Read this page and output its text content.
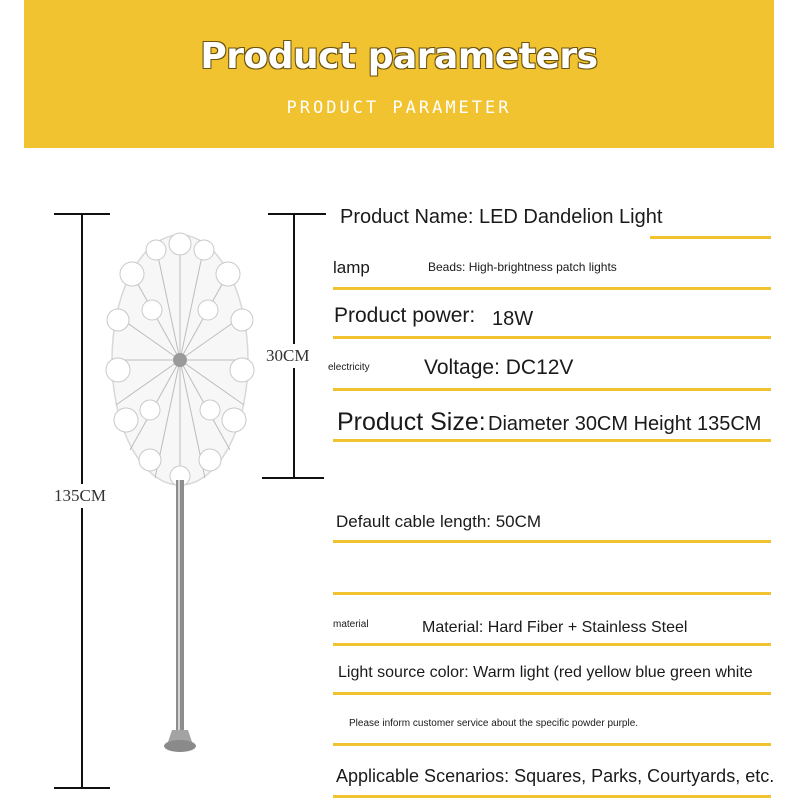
Product parameters
PRODUCT PARAMETER
135CM
30CM
Product Name: LED Dandelion Light
lamp	Beads: High-brightness patch lights
Product power: 18W
electricity	Voltage: DC12V
Product Size: Diameter 30CM Height 135CM
Default cable length: 50CM
material	Material: Hard Fiber + Stainless Steel
Light source color: Warm light (red yellow blue green white
Please inform customer service about the specific powder purple.
Applicable Scenarios: Squares, Parks, Courtyards, etc.
